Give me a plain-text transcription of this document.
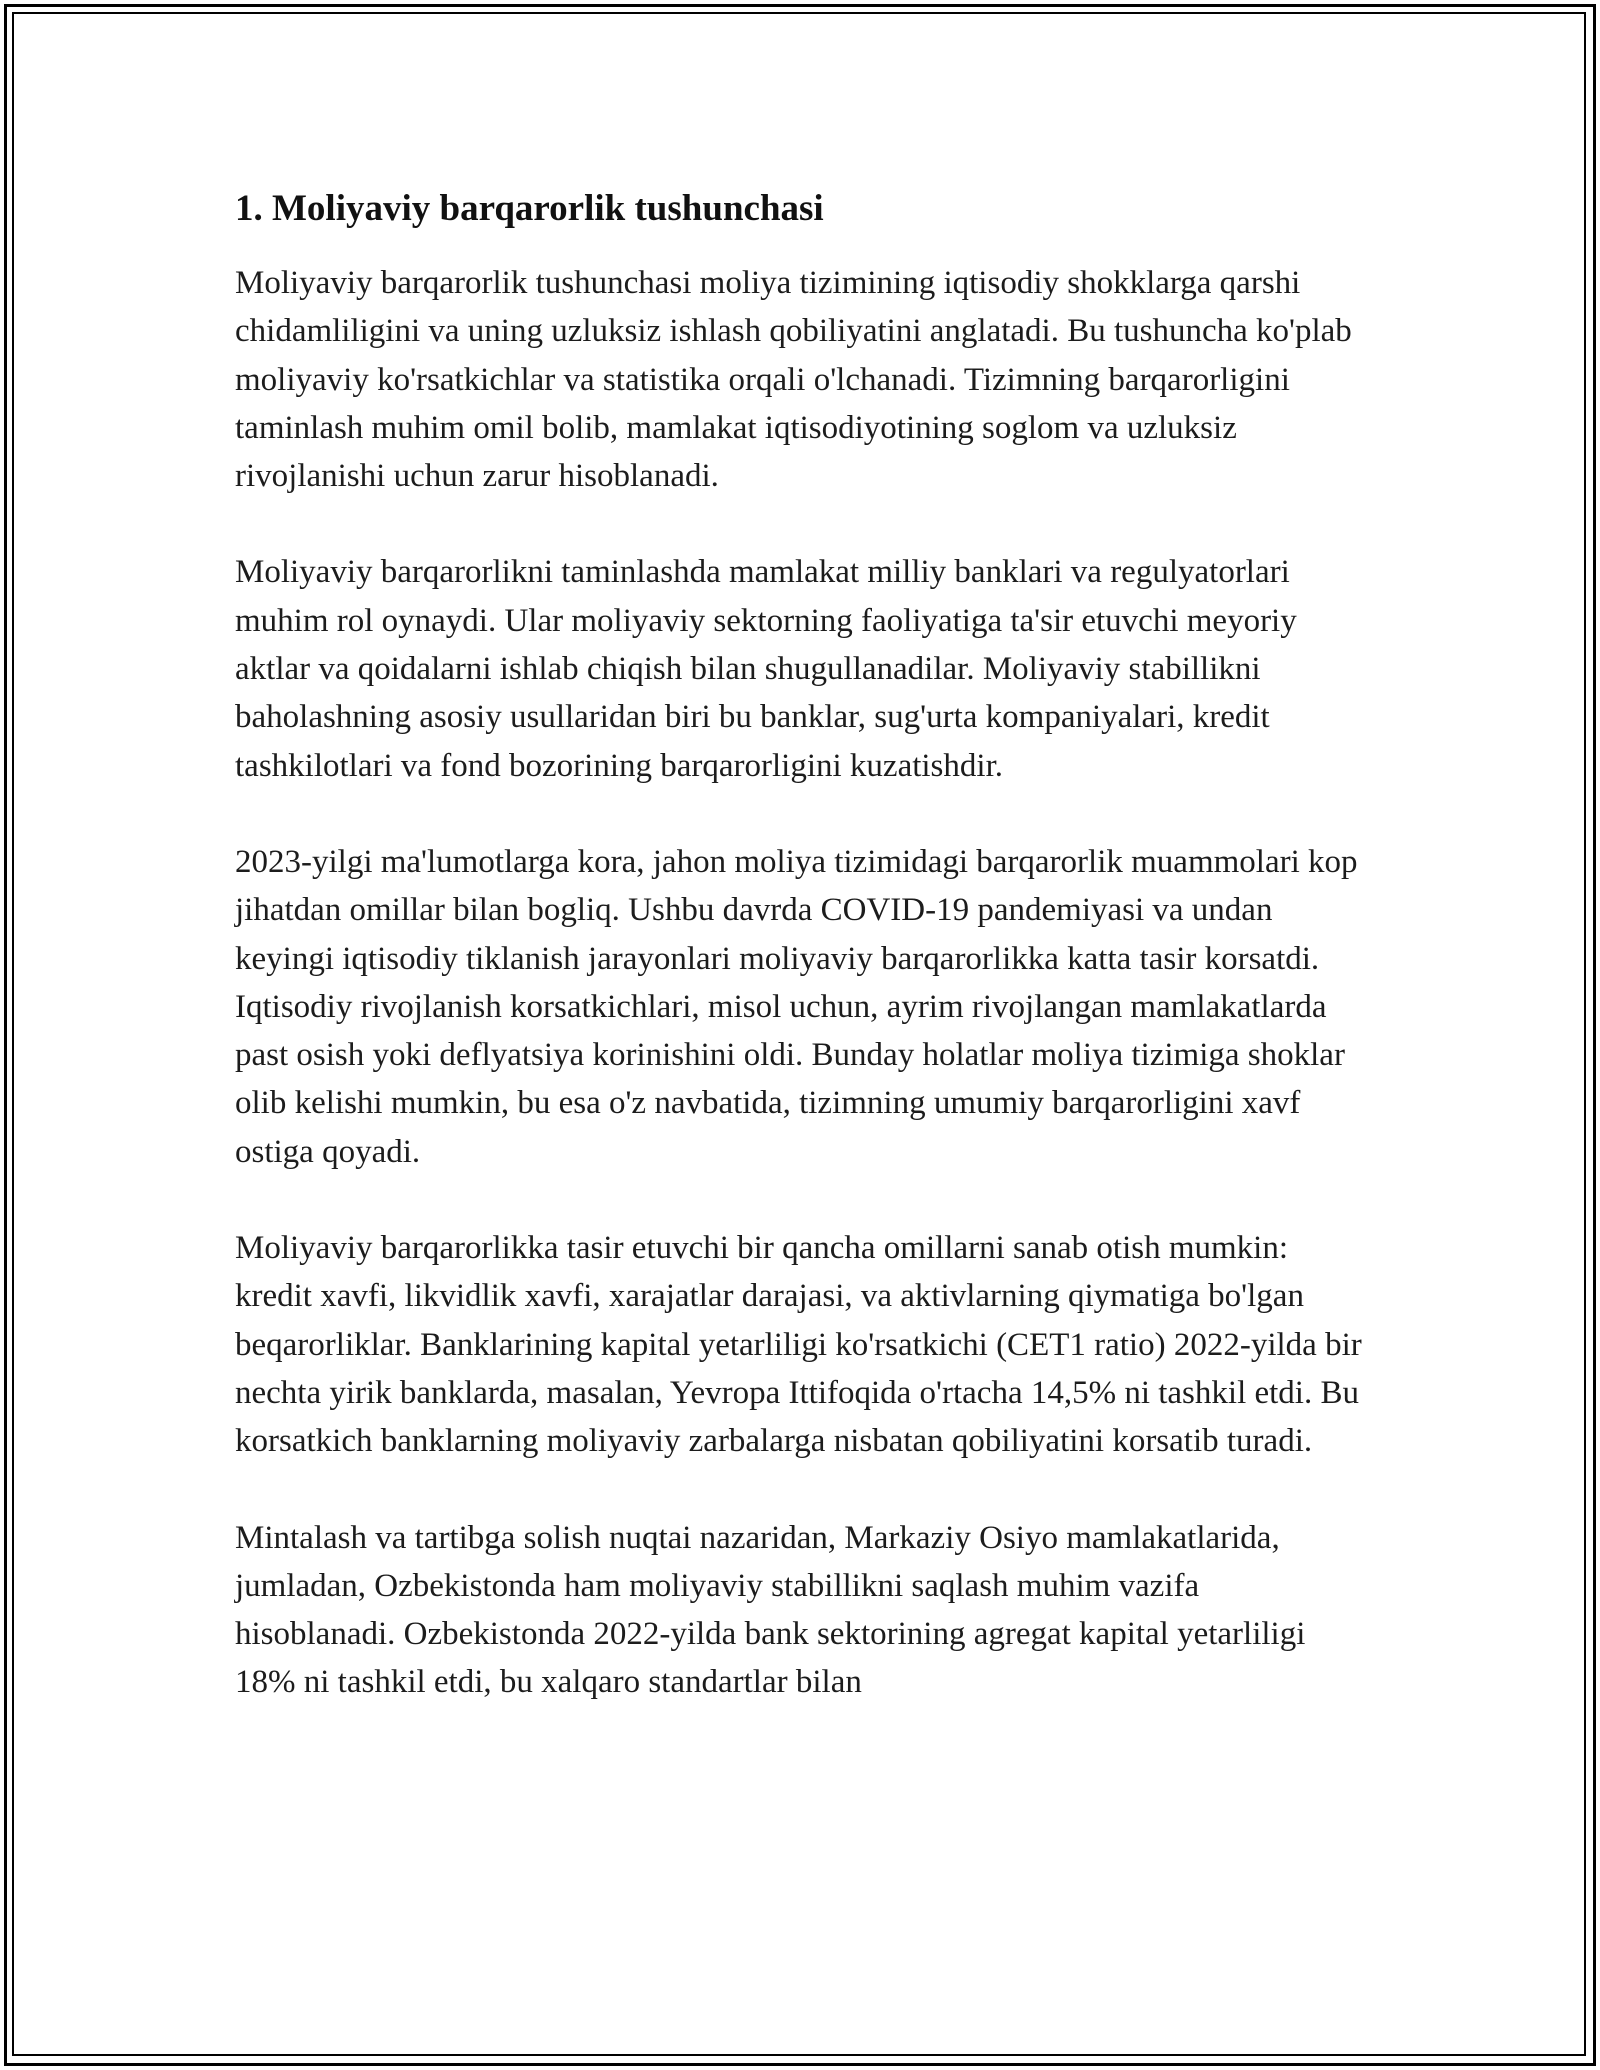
1. Moliyaviy barqarorlik tushunchasi

Moliyaviy barqarorlik tushunchasi moliya tizimining iqtisodiy shokklarga qarshi chidamliligini va uning uzluksiz ishlash qobiliyatini anglatadi. Bu tushuncha ko'plab moliyaviy ko'rsatkichlar va statistika orqali o'lchanadi. Tizimning barqarorligini taminlash muhim omil bolib, mamlakat iqtisodiyotining soglom va uzluksiz rivojlanishi uchun zarur hisoblanadi.

Moliyaviy barqarorlikni taminlashda mamlakat milliy banklari va regulyatorlari muhim rol oynaydi. Ular moliyaviy sektorning faoliyatiga ta'sir etuvchi meyoriy aktlar va qoidalarni ishlab chiqish bilan shugullanadilar. Moliyaviy stabillikni baholashning asosiy usullaridan biri bu banklar, sug'urta kompaniyalari, kredit tashkilotlari va fond bozorining barqarorligini kuzatishdir.

2023-yilgi ma'lumotlarga kora, jahon moliya tizimidagi barqarorlik muammolari kop jihatdan omillar bilan bogliq. Ushbu davrda COVID-19 pandemiyasi va undan keyingi iqtisodiy tiklanish jarayonlari moliyaviy barqarorlikka katta tasir korsatdi. Iqtisodiy rivojlanish korsatkichlari, misol uchun, ayrim rivojlangan mamlakatlarda past osish yoki deflyatsiya korinishini oldi. Bunday holatlar moliya tizimiga shoklar olib kelishi mumkin, bu esa o'z navbatida, tizimning umumiy barqarorligini xavf ostiga qoyadi.

Moliyaviy barqarorlikka tasir etuvchi bir qancha omillarni sanab otish mumkin: kredit xavfi, likvidlik xavfi, xarajatlar darajasi, va aktivlarning qiymatiga bo'lgan beqarorliklar. Banklarining kapital yetarliligi ko'rsatkichi (CET1 ratio) 2022-yilda bir nechta yirik banklarda, masalan, Yevropa Ittifoqida o'rtacha 14,5% ni tashkil etdi. Bu korsatkich banklarning moliyaviy zarbalarga nisbatan qobiliyatini korsatib turadi.

Mintalash va tartibga solish nuqtai nazaridan, Markaziy Osiyo mamlakatlarida, jumladan, Ozbekistonda ham moliyaviy stabillikni saqlash muhim vazifa hisoblanadi. Ozbekistonda 2022-yilda bank sektorining agregat kapital yetarliligi 18% ni tashkil etdi, bu xalqaro standartlar bilan
